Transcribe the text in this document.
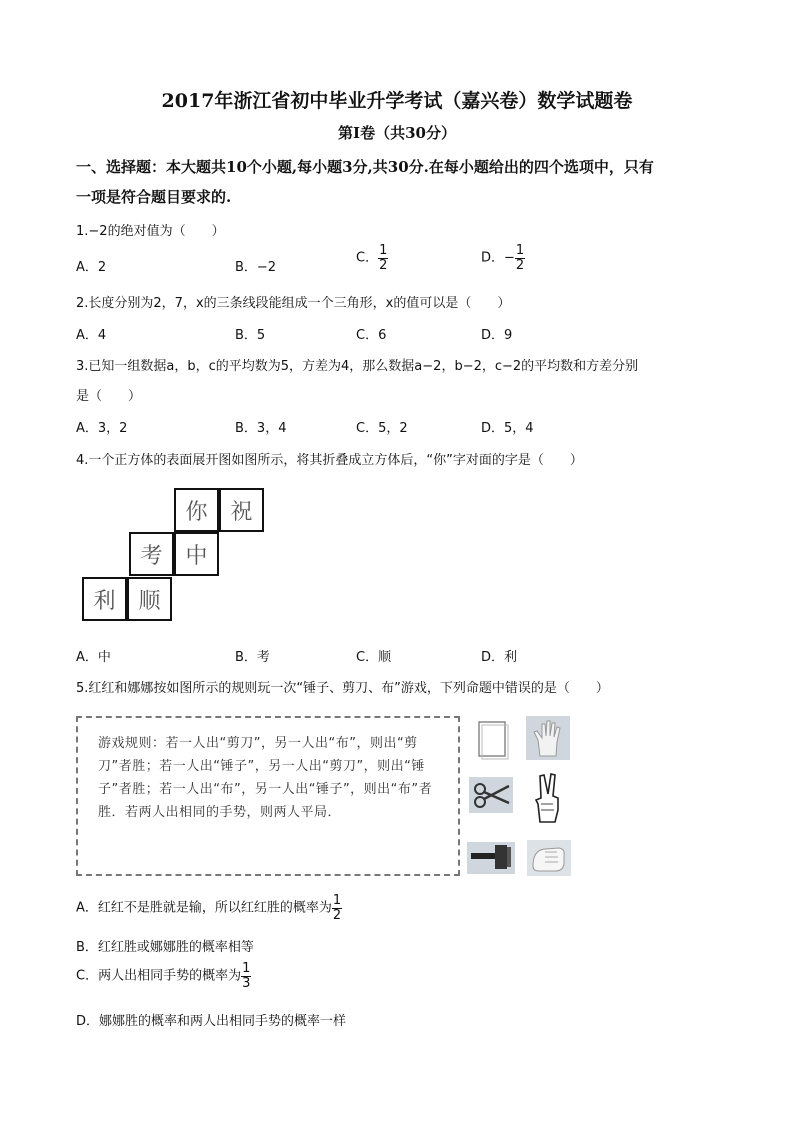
2017年浙江省初中毕业升学考试（嘉兴卷）数学试题卷
第Ⅰ卷（共30分）
一、选择题：本大题共10个小题,每小题3分,共30分.在每小题给出的四个选项中，只有
一项是符合题目要求的.
1.−2的绝对值为（　　）
A．2	B．−2
C． $\frac{1}{2}$	D．− $\frac{1}{2}$
2.长度分别为2，7，x的三条线段能组成一个三角形，x的值可以是（　　）
A．4	B．5	C．6	D．9
3.已知一组数据a，b，c的平均数为5，方差为4，那么数据a−2，b−2，c−2的平均数和方差分别
是（　　）
A．3，2	B．3，4	C．5，2	D．5，4
4.一个正方体的表面展开图如图所示，将其折叠成立方体后，“你”字对面的字是（　　）
你	祝
考	中
利	顺
A．中	B．考	C．顺	D．利
5.红红和娜娜按如图所示的规则玩一次“锤子、剪刀、布”游戏，下列命题中错误的是（　　）
游戏规则：若一人出“剪刀”，另一人出“布”，则出“剪刀”者胜；若一人出“锤子”，另一人出“剪刀”，则出“锤子”者胜；若一人出“布”，另一人出“锤子”，则出“布”者胜．若两人出相同的手势，则两人平局．
A．红红不是胜就是输，所以红红胜的概率为 $\frac{1}{2}$
B．红红胜或娜娜胜的概率相等
C．两人出相同手势的概率为 $\frac{1}{3}$
D．娜娜胜的概率和两人出相同手势的概率一样
